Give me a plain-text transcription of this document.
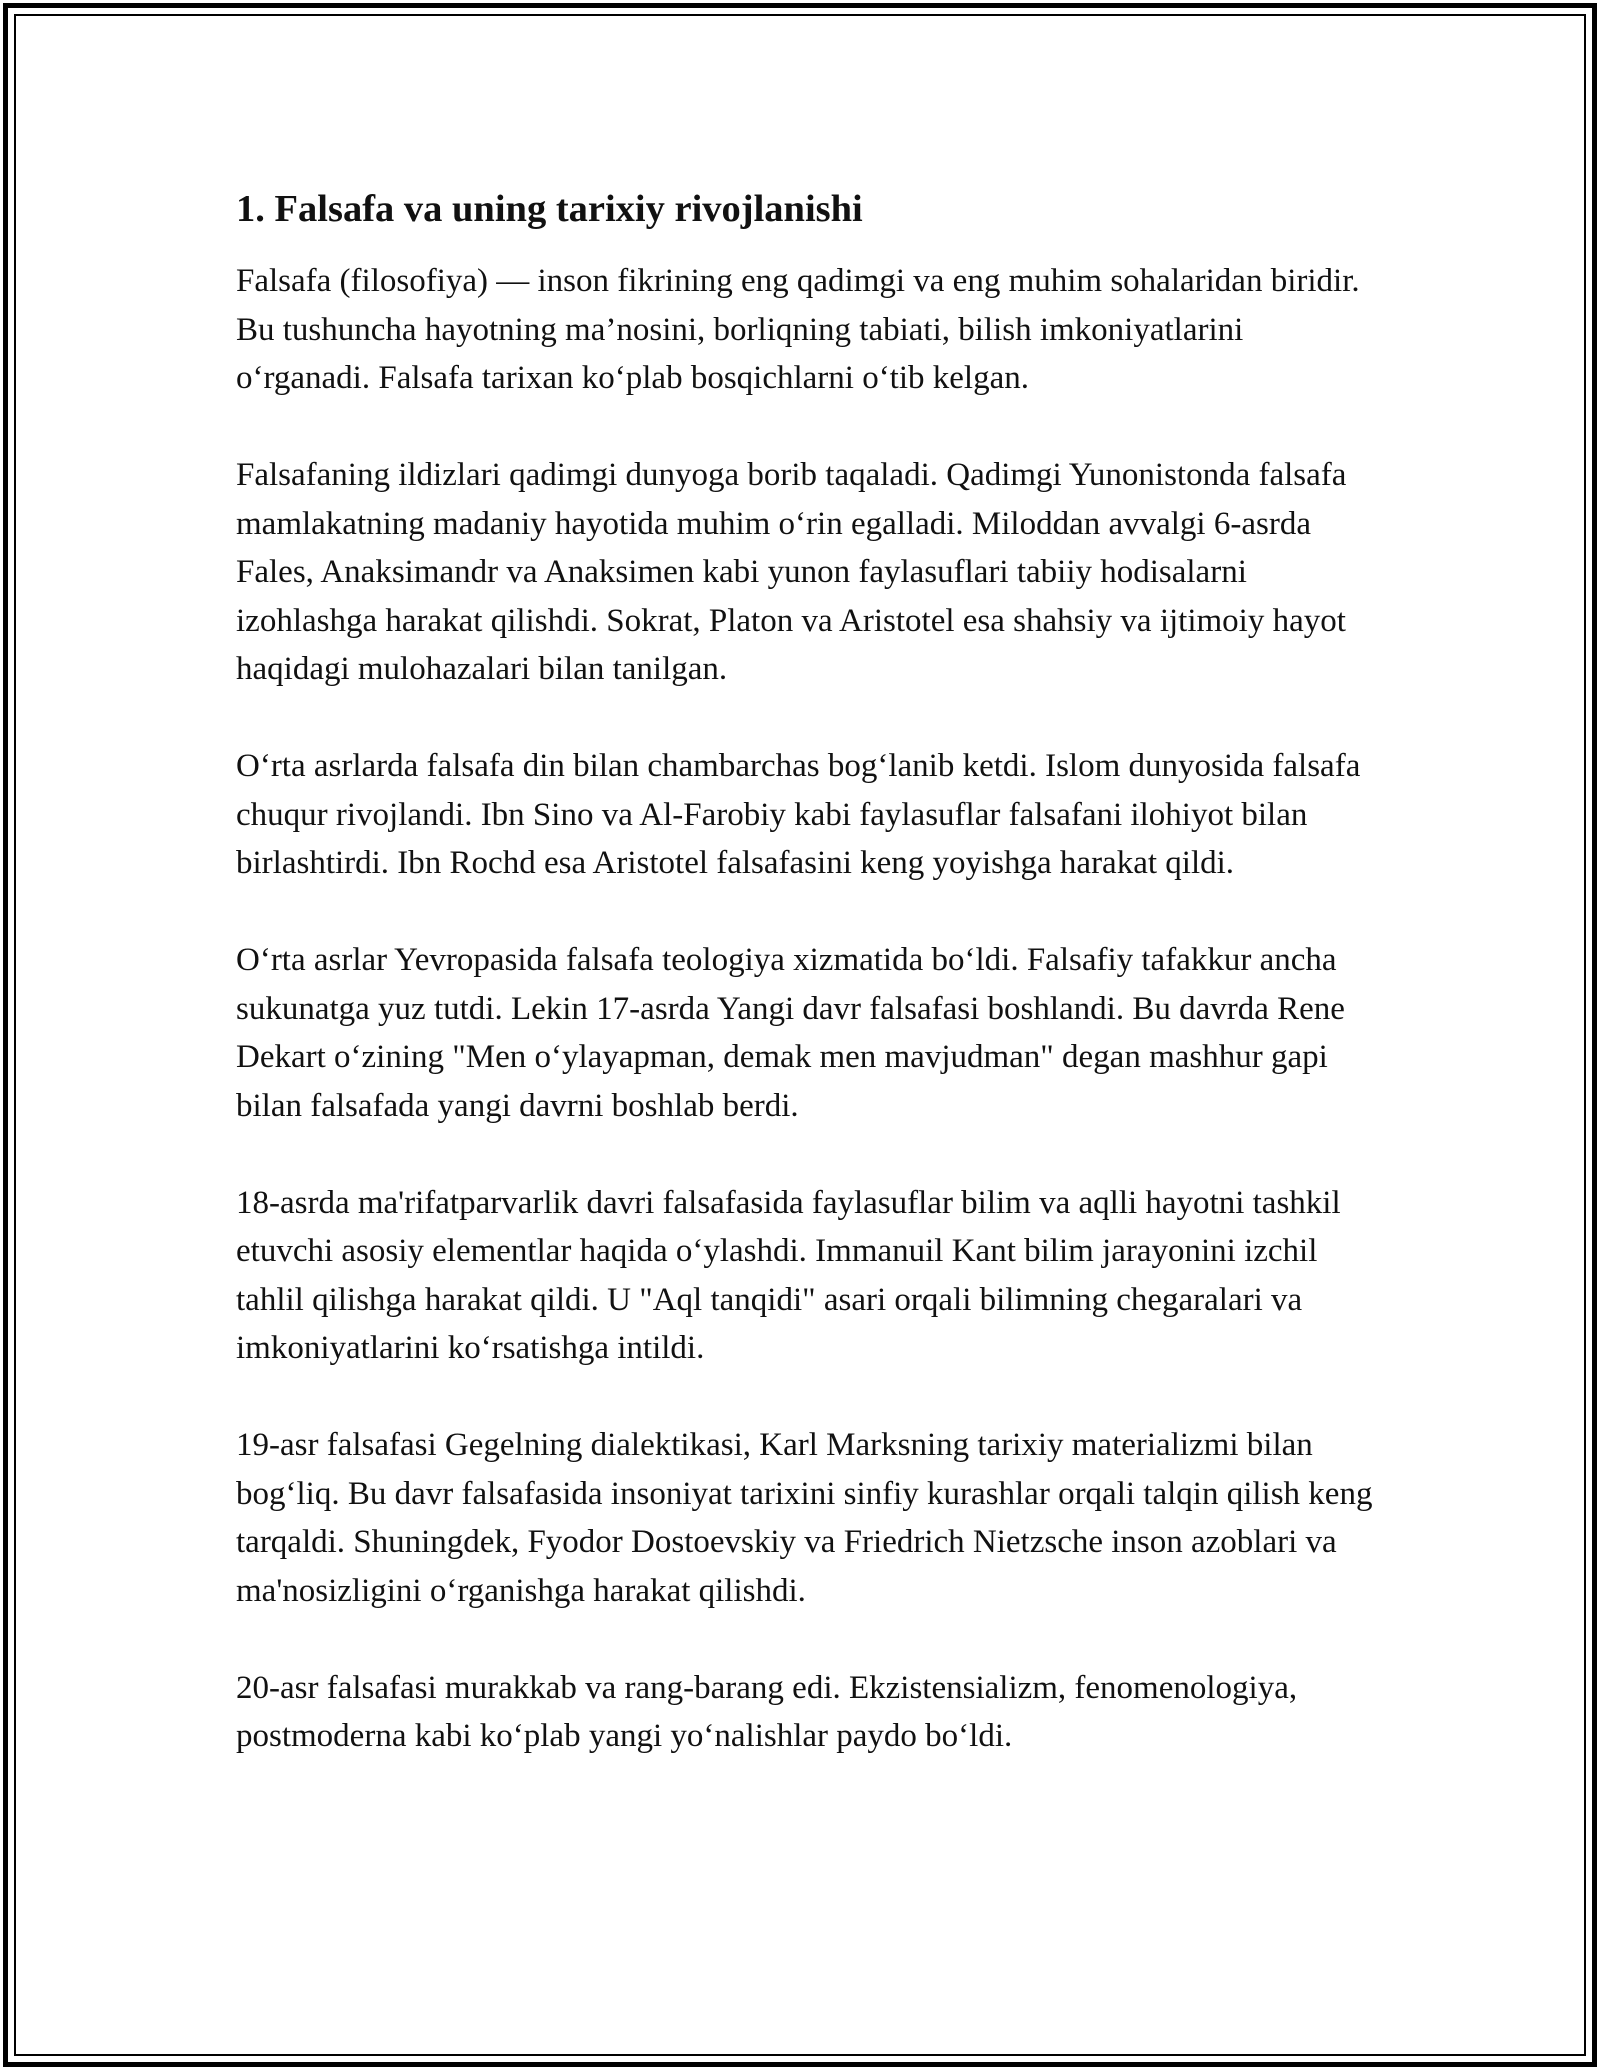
1. Falsafa va uning tarixiy rivojlanishi

Falsafa (filosofiya) — inson fikrining eng qadimgi va eng muhim sohalaridan biridir. Bu tushuncha hayotning ma’nosini, borliqning tabiati, bilish imkoniyatlarini o‘rganadi. Falsafa tarixan ko‘plab bosqichlarni o‘tib kelgan.

Falsafaning ildizlari qadimgi dunyoga borib taqaladi. Qadimgi Yunonistonda falsafa mamlakatning madaniy hayotida muhim o‘rin egalladi. Miloddan avvalgi 6-asrda Fales, Anaksimandr va Anaksimen kabi yunon faylasuflari tabiiy hodisalarni izohlashga harakat qilishdi. Sokrat, Platon va Aristotel esa shahsiy va ijtimoiy hayot haqidagi mulohazalari bilan tanilgan.

O‘rta asrlarda falsafa din bilan chambarchas bog‘lanib ketdi. Islom dunyosida falsafa chuqur rivojlandi. Ibn Sino va Al-Farobiy kabi faylasuflar falsafani ilohiyot bilan birlashtirdi. Ibn Rochd esa Aristotel falsafasini keng yoyishga harakat qildi.

O‘rta asrlar Yevropasida falsafa teologiya xizmatida bo‘ldi. Falsafiy tafakkur ancha sukunatga yuz tutdi. Lekin 17-asrda Yangi davr falsafasi boshlandi. Bu davrda Rene Dekart o‘zining "Men o‘ylayapman, demak men mavjudman" degan mashhur gapi bilan falsafada yangi davrni boshlab berdi.

18-asrda ma'rifatparvarlik davri falsafasida faylasuflar bilim va aqlli hayotni tashkil etuvchi asosiy elementlar haqida o‘ylashdi. Immanuil Kant bilim jarayonini izchil tahlil qilishga harakat qildi. U "Aql tanqidi" asari orqali bilimning chegaralari va imkoniyatlarini ko‘rsatishga intildi.

19-asr falsafasi Gegelning dialektikasi, Karl Marksning tarixiy materializmi bilan bog‘liq. Bu davr falsafasida insoniyat tarixini sinfiy kurashlar orqali talqin qilish keng tarqaldi. Shuningdek, Fyodor Dostoevskiy va Friedrich Nietzsche inson azoblari va ma'nosizligini o‘rganishga harakat qilishdi.

20-asr falsafasi murakkab va rang-barang edi. Ekzistensializm, fenomenologiya, postmoderna kabi ko‘plab yangi yo‘nalishlar paydo bo‘ldi.
